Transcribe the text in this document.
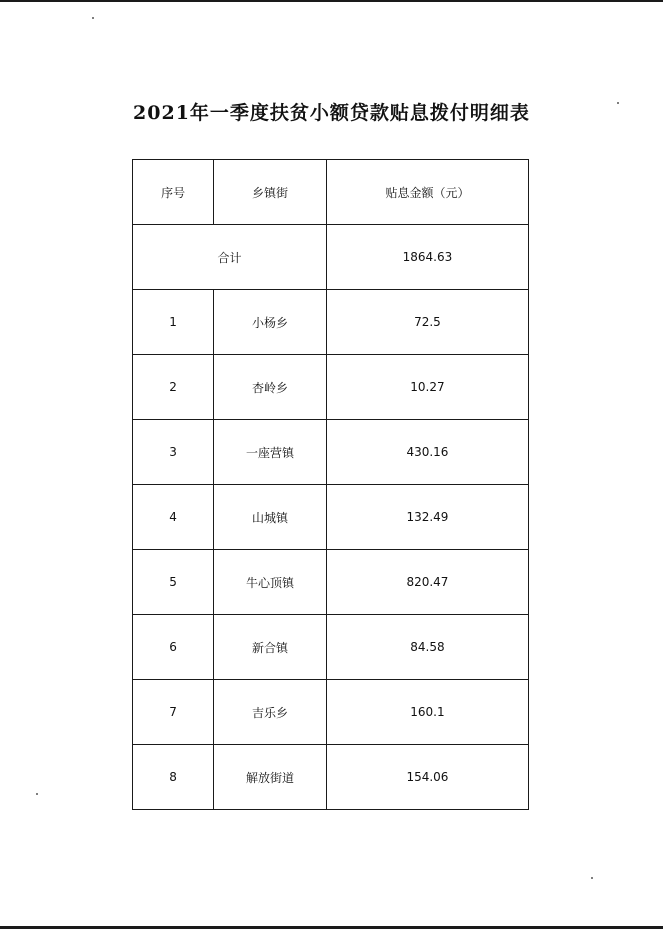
2021年一季度扶贫小额贷款贴息拨付明细表
序号	乡镇街	贴息金额（元）
合计		1864.63
1	小杨乡	72.5
2	杏岭乡	10.27
3	一座营镇	430.16
4	山城镇	132.49
5	牛心顶镇	820.47
6	新合镇	84.58
7	吉乐乡	160.1
8	解放街道	154.06
